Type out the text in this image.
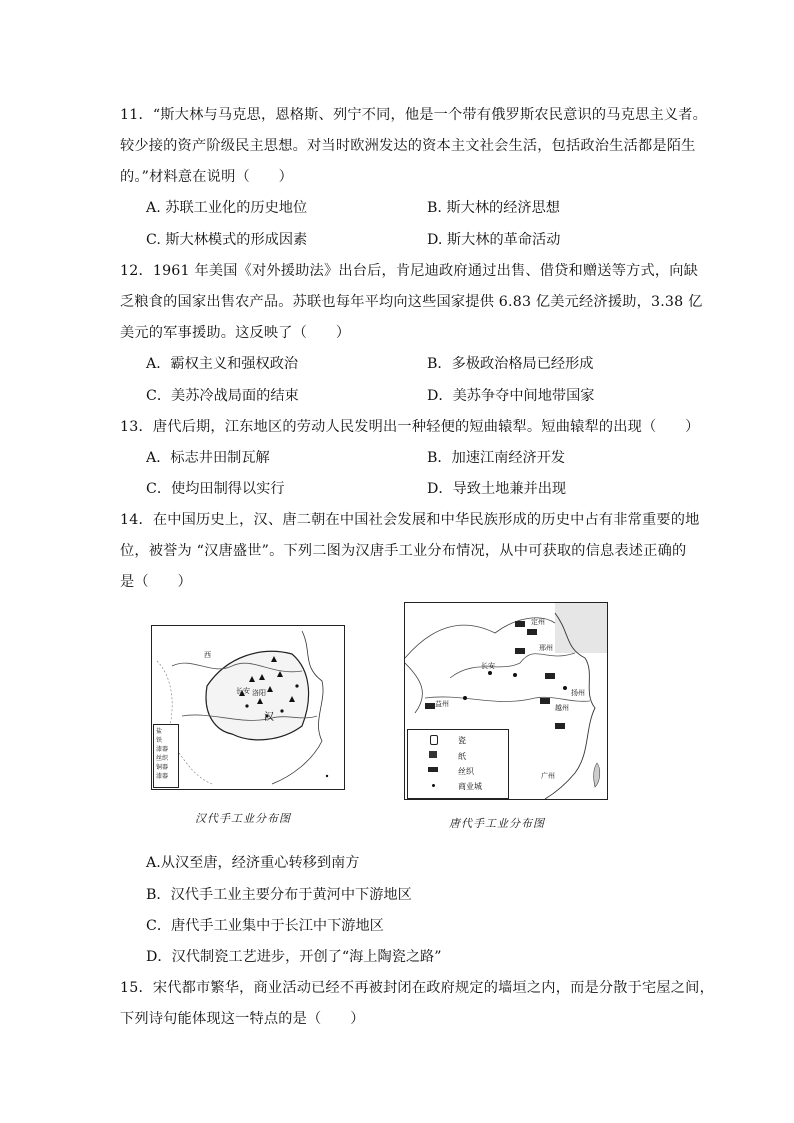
11．“斯大林与马克思，恩格斯、列宁不同，他是一个带有俄罗斯农民意识的马克思主义者。
较少接的资产阶级民主思想。对当时欧洲发达的资本主文社会生活，包括政治生活都是陌生
的。”材料意在说明（　　）
A. 苏联工业化的历史地位	B. 斯大林的经济思想
C. 斯大林模式的形成因素	D. 斯大林的革命活动
12．1961 年美国《对外援助法》出台后，肯尼迪政府通过出售、借贷和赠送等方式，向缺
乏粮食的国家出售农产品。苏联也每年平均向这些国家提供 6.83 亿美元经济援助，3.38 亿
美元的军事援助。这反映了（　　）
A．霸权主义和强权政治	B．多极政治格局已经形成
C．美苏冷战局面的结束	D．美苏争夺中间地带国家
13．唐代后期，江东地区的劳动人民发明出一种轻便的短曲辕犁。短曲辕犁的出现（　　）
A．标志井田制瓦解	B．加速江南经济开发
C．使均田制得以实行	D．导致土地兼并出现
14．在中国历史上，汉、唐二朝在中国社会发展和中华民族形成的历史中占有非常重要的地
位，被誉为 “汉唐盛世”。下列二图为汉唐手工业分布情况，从中可获取的信息表述正确的
是（　　）
西
长安 洛阳
汉
盐
铁
漆器
丝织
铜器
漆器
汉代手工业分布图
长安
定州
邢州
越州
扬州
益州
广州
瓷
纸
丝织
商业城
唐代手工业分布图
A.从汉至唐，经济重心转移到南方
B．汉代手工业主要分布于黄河中下游地区
C．唐代手工业集中于长江中下游地区
D．汉代制瓷工艺进步，开创了“海上陶瓷之路”
15．宋代都市繁华，商业活动已经不再被封闭在政府规定的墙垣之内，而是分散于宅屋之间，
下列诗句能体现这一特点的是（　　）
